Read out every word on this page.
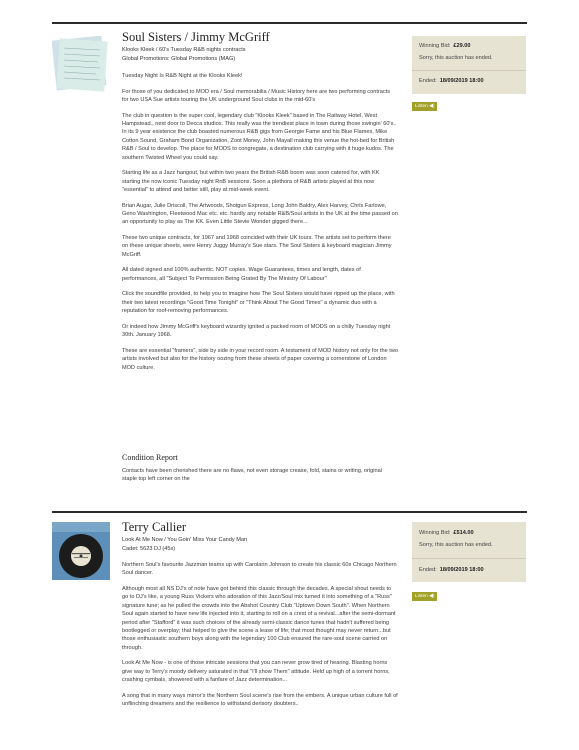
Soul Sisters / Jimmy McGriff
Klooks Kleek / 60's Tuesday R&B nights contracts
Global Promotions: Global Promotions (MAG)

Tuesday Night Is R&B Night at the Klooks Kleek!

For those of you dedicated to MOD era / Soul memorabilia / Music History here are two performing contracts for two USA Sue artists touring the UK underground Soul clubs in the mid-60's

The club in question is the super cool, legendary club "Klooks Kleek" based in The Railway Hotel, West Hampstead., next door to Decca studios. This really was the trendiest place in town during those swingin' 60's..
In its 9 year existence the club boasted numerous R&B gigs from Georgie Fame and his Blue Flames, Mike Cotton Sound, Graham Bond Organization, Zoot Money, John Mayall making this venue the hot-bed for British R&B / Soul to develop. The place for MODS to congregate, a destination club carrying with it huge kudos. The southern Twisted Wheel you could say.

Starting life as a Jazz hangout, but within two years the British R&B boom was soon catered for, with KK starting the now iconic Tuesday night RnB sessions. Soon a plethora of R&B artists played at this now "essential" to attend and better still, play at mid-week event.

Brian Augar, Julie Driscoll, The Artwoods, Shotgun Express, Long John Baldry, Alex Harvey, Chris Farlowe, Geno Washington, Fleetwood Mac etc. etc. hardly any notable R&B/Soul artists in the UK at the time passed on an opportunity to play as The KK. Even Little Stevie Wonder gigged there...

These two unique contracts, for 1967 and 1968 coincided with their UK tours. The artists set to perform there on these unique sheets, were Henry Juggy Murray's Sue stars. The Soul Sisters & keyboard magician Jimmy McGriff.

All dated signed and 100% authentic. NOT copies. Wage Guarantees, times and length, dates of performances, all "Subject To Permission Being Grated By The Ministry Of Labour"

Click the soundfile provided, to help you to imagine how The Soul Sisters would have ripped up the place, with their two latest recordings "Good Time Tonight" or "Think About The Good Times" a dynamic duo with a reputation for roof-removing performances.

Or indeed how Jimmy McGriff's keyboard wizardry ignited a packed room of MODS on a chilly Tuesday night 30th. January 1968.

These are essential "framers", side by side in your record room. A testament of MOD history not only for the two artists involved but also for the history oozing from these sheets of paper covering a cornerstone of London MOD culture.

Condition Report
Contacts have been cherished there are no flaws, not even storage crease, fold, stains or writing, original staple top left corner on the
Winning Bid: £29.00
Sorry, this auction has ended.
Ended: 18/09/2019 18:00
Listen ◀)
Terry Callier
Look At Me Now / You Goin' Miss Your Candy Man
Cadet: 5623 DJ (45s)

Northern Soul's favourite Jazzman teams up with Carolarin Johnson to create his classic 60s Chicago Northern Soul dancer.

Although most all NS DJ's of note have got behind this classic through the decades. A special shout needs to go to DJ's like, a young Russ Vickers who adoration of this Jazz/Soul mix turned it into something of a "Russ" signature tune; as he pulled the crowds into the Abshot Country Club "Uptown Down South". When Northern Soul again started to have new life injected into it, starting to roll on a crest of a revival...after the semi-dormant period after "Stafford" it was such choices of the already semi-classic dance tunes that hadn't suffered being bootlegged or overplay; that helped to give the scene a lease of life; that most thought may never return...but those enthusiastic southern boys along with the legendary 100 Club ensured the rare-soul scene carried on through.

Look At Me Now - is one of those intricate sessions that you can never grow tired of hearing. Blasting horns give way to Terry's moody delivery saturated in that "I'll show Them" attitude. Held up high of a torrent horns, crashing cymbals, showered with a fanfare of Jazz determination...

A song that in many ways mirror's the Northern Soul scene's rise from the embers. A unique urban culture full of unflinching dreamers and the resilience to withstand derisory doubters..

Winning Bid: £514.00
Sorry, this auction has ended.
Ended: 18/09/2019 18:00
Listen ◀)
